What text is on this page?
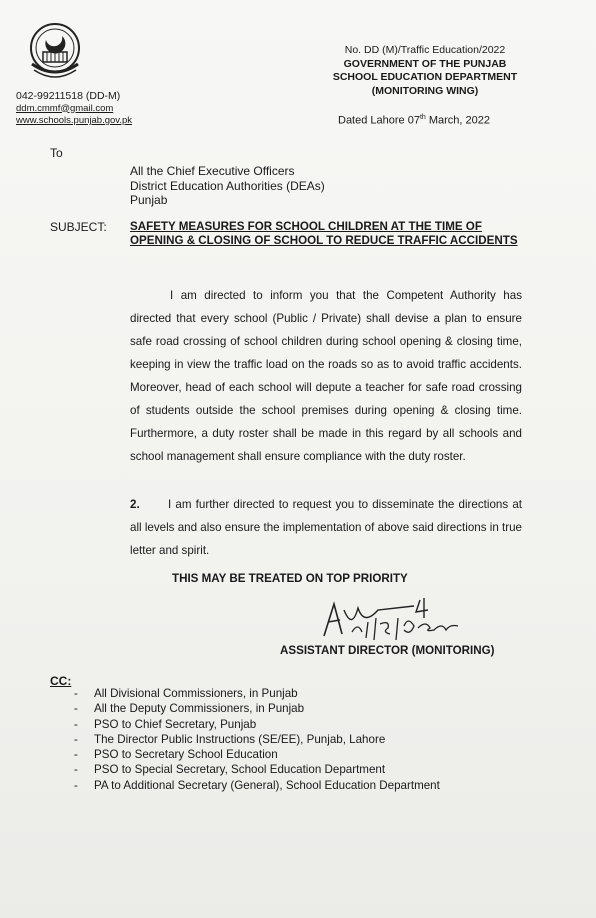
042-99211518 (DD-M)
ddm.cmmf@gmail.com
www.schools.punjab.gov.pk
No. DD (M)/Traffic Education/2022
GOVERNMENT OF THE PUNJAB
SCHOOL EDUCATION DEPARTMENT
(MONITORING WING)
Dated Lahore 07th March, 2022
To
All the Chief Executive Officers
District Education Authorities (DEAs)
Punjab
SUBJECT: SAFETY MEASURES FOR SCHOOL CHILDREN AT THE TIME OF OPENING & CLOSING OF SCHOOL TO REDUCE TRAFFIC ACCIDENTS
I am directed to inform you that the Competent Authority has directed that every school (Public / Private) shall devise a plan to ensure safe road crossing of school children during school opening & closing time, keeping in view the traffic load on the roads so as to avoid traffic accidents. Moreover, head of each school will depute a teacher for safe road crossing of students outside the school premises during opening & closing time. Furthermore, a duty roster shall be made in this regard by all schools and school management shall ensure compliance with the duty roster.
2. I am further directed to request you to disseminate the directions at all levels and also ensure the implementation of above said directions in true letter and spirit.
THIS MAY BE TREATED ON TOP PRIORITY
ASSISTANT DIRECTOR (MONITORING)
CC:
- All Divisional Commissioners, in Punjab
- All the Deputy Commissioners, in Punjab
- PSO to Chief Secretary, Punjab
- The Director Public Instructions (SE/EE), Punjab, Lahore
- PSO to Secretary School Education
- PSO to Special Secretary, School Education Department
- PA to Additional Secretary (General), School Education Department
